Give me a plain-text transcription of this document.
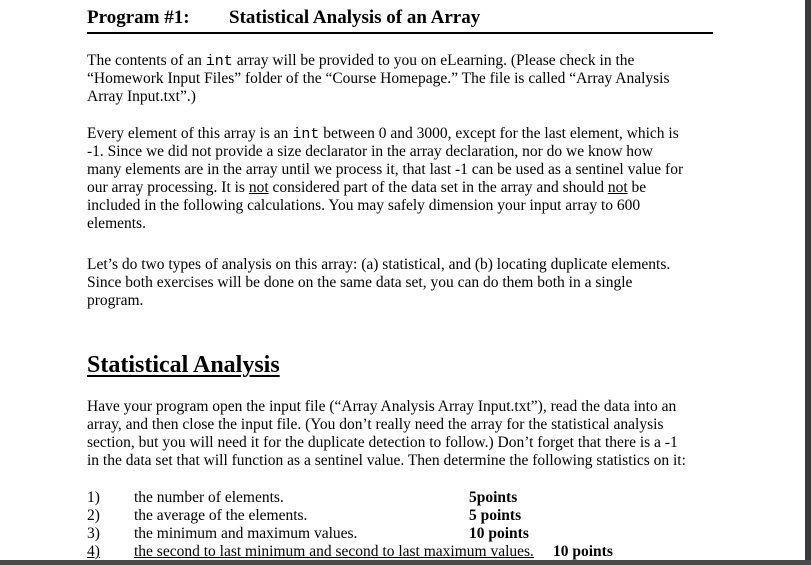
Program #1: Statistical Analysis of an Array
The contents of an int array will be provided to you on eLearning. (Please check in the
“Homework Input Files” folder of the “Course Homepage.” The file is called “Array Analysis
Array Input.txt”.)
Every element of this array is an int between 0 and 3000, except for the last element, which is
-1. Since we did not provide a size declarator in the array declaration, nor do we know how
many elements are in the array until we process it, that last -1 can be used as a sentinel value for
our array processing. It is not considered part of the data set in the array and should not be
included in the following calculations. You may safely dimension your input array to 600
elements.
Let’s do two types of analysis on this array: (a) statistical, and (b) locating duplicate elements.
Since both exercises will be done on the same data set, you can do them both in a single
program.
Statistical Analysis
Have your program open the input file (“Array Analysis Array Input.txt”), read the data into an
array, and then close the input file. (You don’t really need the array for the statistical analysis
section, but you will need it for the duplicate detection to follow.) Don’t forget that there is a -1
in the data set that will function as a sentinel value. Then determine the following statistics on it:
1) the number of elements.	5points
2) the average of the elements.	5 points
3) the minimum and maximum values.	10 points
4) the second to last minimum and second to last maximum values. 10 points
